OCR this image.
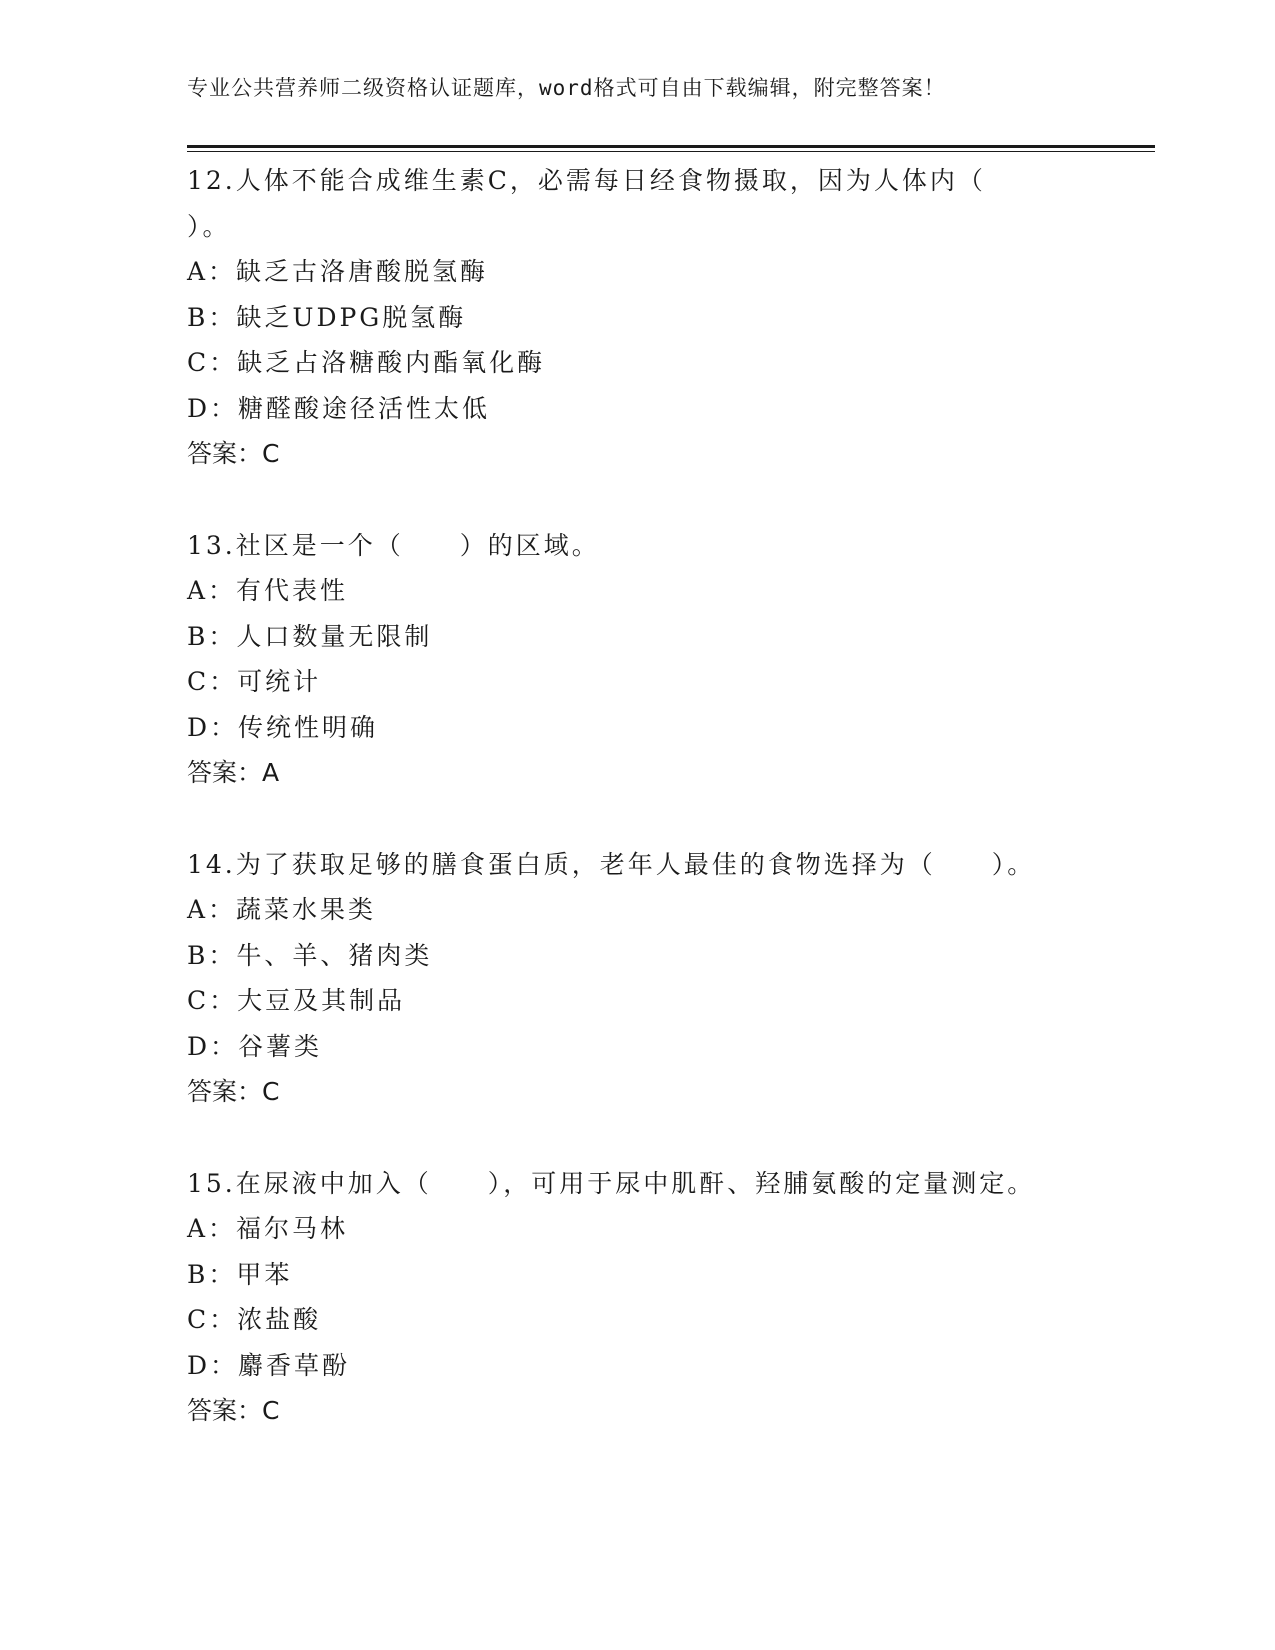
专业公共营养师二级资格认证题库，word格式可自由下载编辑，附完整答案！

12.人体不能合成维生素C，必需每日经食物摄取，因为人体内（

）。

A：缺乏古洛唐酸脱氢酶

B：缺乏UDPG脱氢酶

C：缺乏占洛糖酸内酯氧化酶

D：糖醛酸途径活性太低

答案：C

13.社区是一个（　　）的区域。

A：有代表性

B：人口数量无限制

C：可统计

D：传统性明确

答案：A

14.为了获取足够的膳食蛋白质，老年人最佳的食物选择为（　　）。

A：蔬菜水果类

B：牛、羊、猪肉类

C：大豆及其制品

D：谷薯类

答案：C

15.在尿液中加入（　　），可用于尿中肌酐、羟脯氨酸的定量测定。

A：福尔马林

B：甲苯

C：浓盐酸

D：麝香草酚

答案：C
